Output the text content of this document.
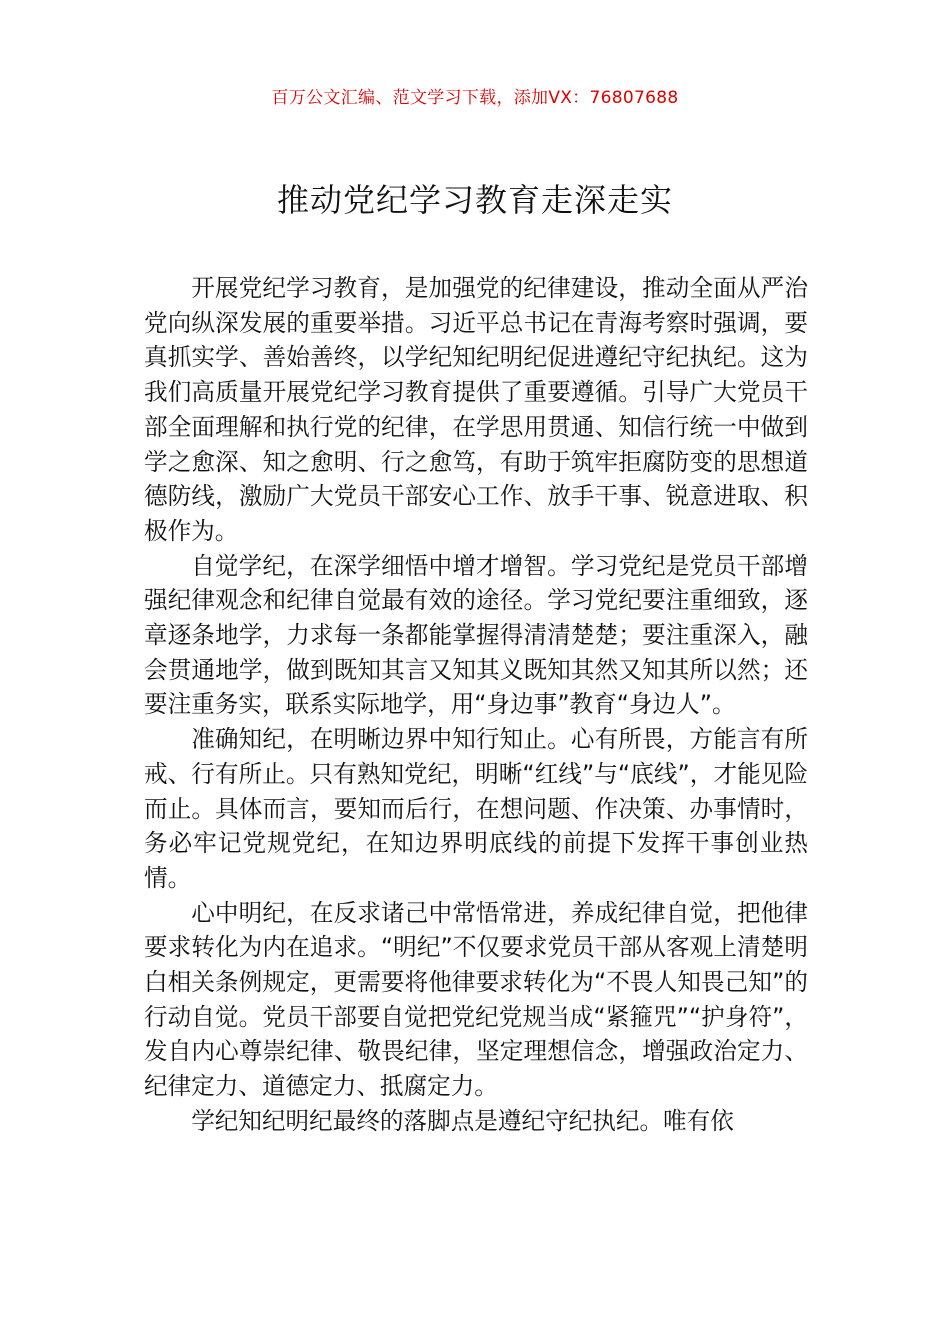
百万公文汇编、范文学习下载，添加VX：76807688
推动党纪学习教育走深走实

开展党纪学习教育，是加强党的纪律建设，推动全面从严治党向纵深发展的重要举措。习近平总书记在青海考察时强调，要真抓实学、善始善终，以学纪知纪明纪促进遵纪守纪执纪。这为我们高质量开展党纪学习教育提供了重要遵循。引导广大党员干部全面理解和执行党的纪律，在学思用贯通、知信行统一中做到学之愈深、知之愈明、行之愈笃，有助于筑牢拒腐防变的思想道德防线，激励广大党员干部安心工作、放手干事、锐意进取、积极作为。

自觉学纪，在深学细悟中增才增智。学习党纪是党员干部增强纪律观念和纪律自觉最有效的途径。学习党纪要注重细致，逐章逐条地学，力求每一条都能掌握得清清楚楚；要注重深入，融会贯通地学，做到既知其言又知其义既知其然又知其所以然；还要注重务实，联系实际地学，用“身边事”教育“身边人”。

准确知纪，在明晰边界中知行知止。心有所畏，方能言有所戒、行有所止。只有熟知党纪，明晰“红线”与“底线”，才能见险而止。具体而言，要知而后行，在想问题、作决策、办事情时，务必牢记党规党纪，在知边界明底线的前提下发挥干事创业热情。

心中明纪，在反求诸己中常悟常进，养成纪律自觉，把他律要求转化为内在追求。“明纪”不仅要求党员干部从客观上清楚明白相关条例规定，更需要将他律要求转化为“不畏人知畏己知”的行动自觉。党员干部要自觉把党纪党规当成“紧箍咒”“护身符”，发自内心尊崇纪律、敬畏纪律，坚定理想信念，增强政治定力、纪律定力、道德定力、抵腐定力。

学纪知纪明纪最终的落脚点是遵纪守纪执纪。唯有依
